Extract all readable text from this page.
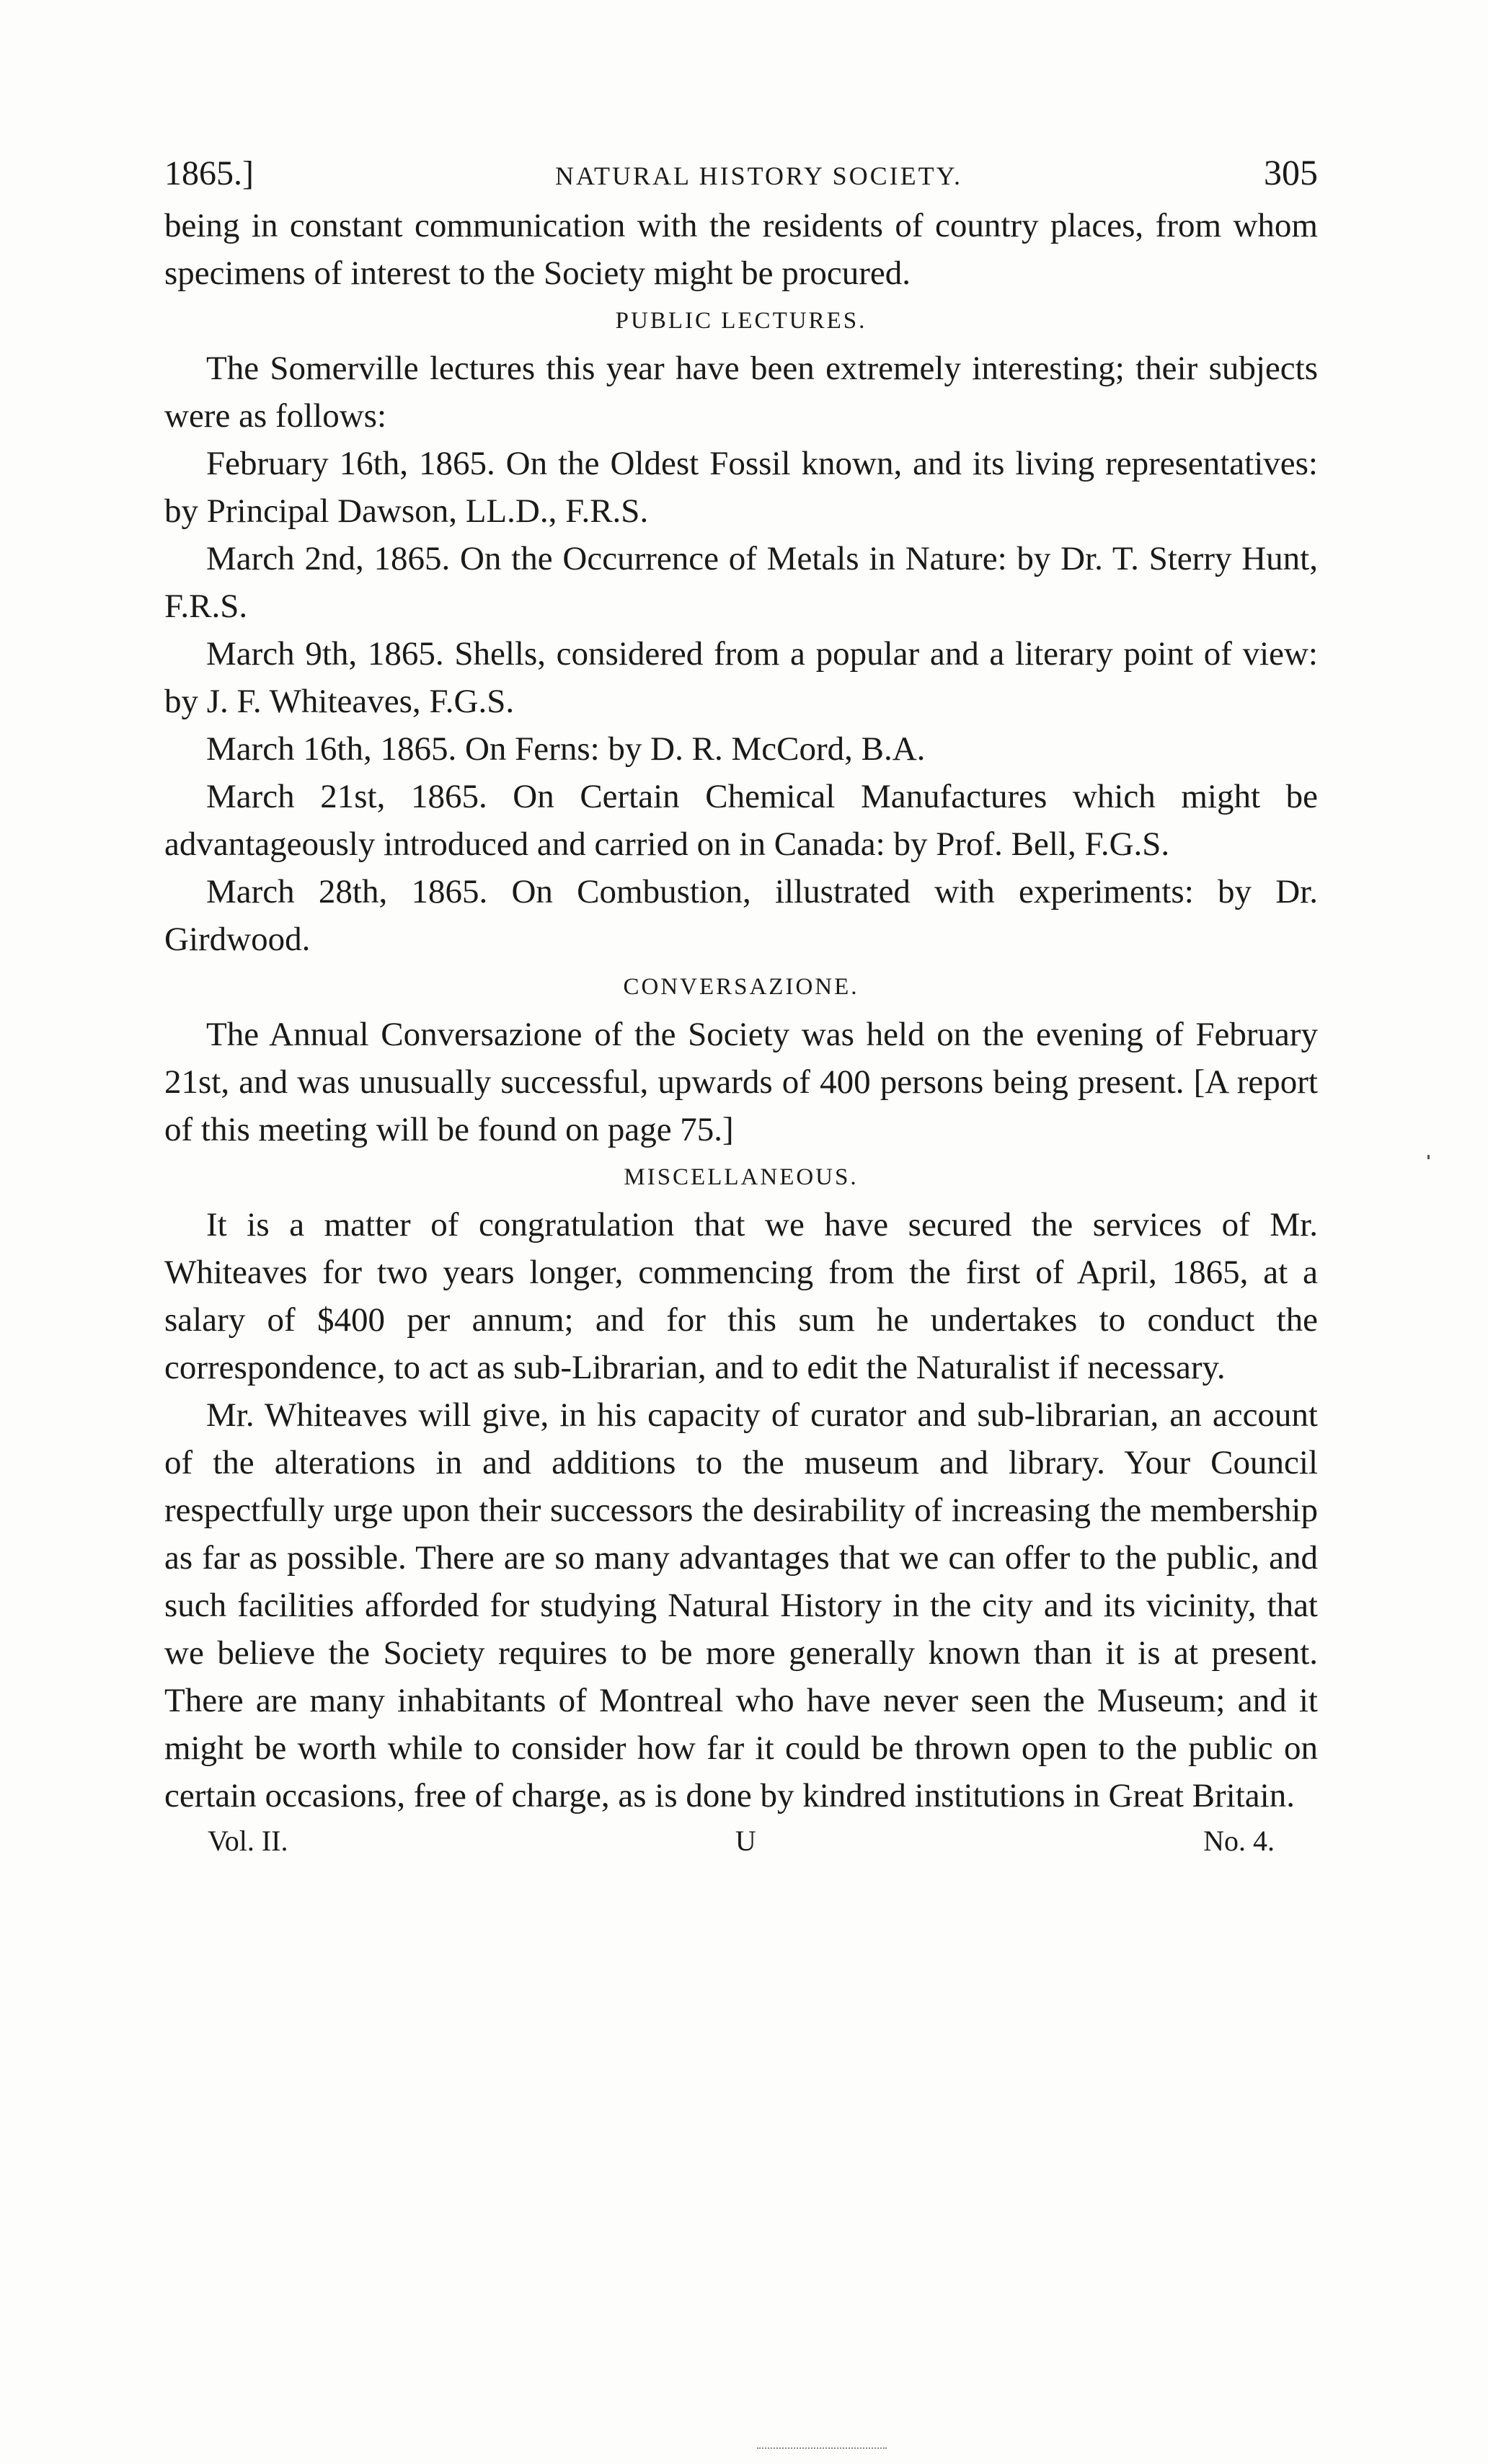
1865.]	NATURAL HISTORY SOCIETY.	305

being in constant communication with the residents of country places, from whom specimens of interest to the Society might be procured.

PUBLIC LECTURES.

The Somerville lectures this year have been extremely interesting; their subjects were as follows:

February 16th, 1865. On the Oldest Fossil known, and its living representatives: by Principal Dawson, LL.D., F.R.S.

March 2nd, 1865. On the Occurrence of Metals in Nature: by Dr. T. Sterry Hunt, F.R.S.

March 9th, 1865. Shells, considered from a popular and a literary point of view: by J. F. Whiteaves, F.G.S.

March 16th, 1865. On Ferns: by D. R. McCord, B.A.

March 21st, 1865. On Certain Chemical Manufactures which might be advantageously introduced and carried on in Canada: by Prof. Bell, F.G.S.

March 28th, 1865. On Combustion, illustrated with experiments: by Dr. Girdwood.

CONVERSAZIONE.

The Annual Conversazione of the Society was held on the evening of February 21st, and was unusually successful, upwards of 400 persons being present. [A report of this meeting will be found on page 75.]

MISCELLANEOUS.

It is a matter of congratulation that we have secured the services of Mr. Whiteaves for two years longer, commencing from the first of April, 1865, at a salary of $400 per annum; and for this sum he undertakes to conduct the correspondence, to act as sub-Librarian, and to edit the Naturalist if necessary.

Mr. Whiteaves will give, in his capacity of curator and sub-librarian, an account of the alterations in and additions to the museum and library. Your Council respectfully urge upon their successors the desirability of increasing the membership as far as possible. There are so many advantages that we can offer to the public, and such facilities afforded for studying Natural History in the city and its vicinity, that we believe the Society requires to be more generally known than it is at present. There are many inhabitants of Montreal who have never seen the Museum; and it might be worth while to consider how far it could be thrown open to the public on certain occasions, free of charge, as is done by kindred institutions in Great Britain.

Vol. II.	U	No. 4.
